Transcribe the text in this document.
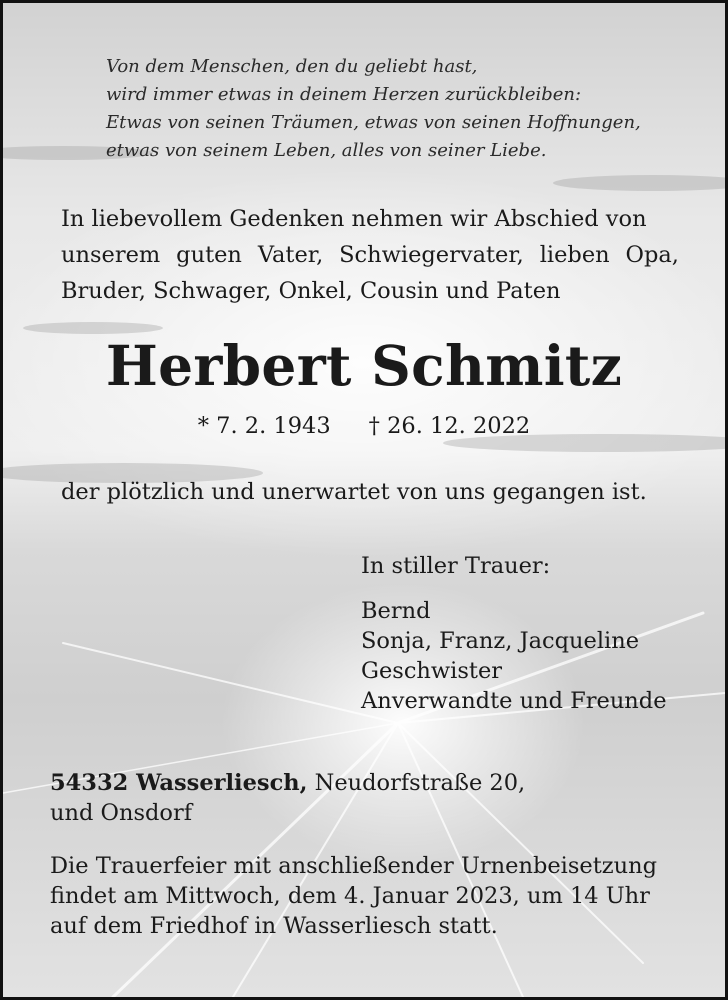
Von dem Menschen, den du geliebt hast,
wird immer etwas in deinem Herzen zurückbleiben:
Etwas von seinen Träumen, etwas von seinen Hoffnungen,
etwas von seinem Leben, alles von seiner Liebe.
In liebevollem Gedenken nehmen wir Abschied von
unserem guten Vater, Schwiegervater, lieben Opa,
Bruder, Schwager, Onkel, Cousin und Paten
Herbert Schmitz
* 7. 2. 1943 † 26. 12. 2022
der plötzlich und unerwartet von uns gegangen ist.
In stiller Trauer:
Bernd
Sonja, Franz, Jacqueline
Geschwister
Anverwandte und Freunde
54332 Wasserliesch, Neudorfstraße 20,
und Onsdorf
Die Trauerfeier mit anschließender Urnenbeisetzung
findet am Mittwoch, dem 4. Januar 2023, um 14 Uhr
auf dem Friedhof in Wasserliesch statt.
